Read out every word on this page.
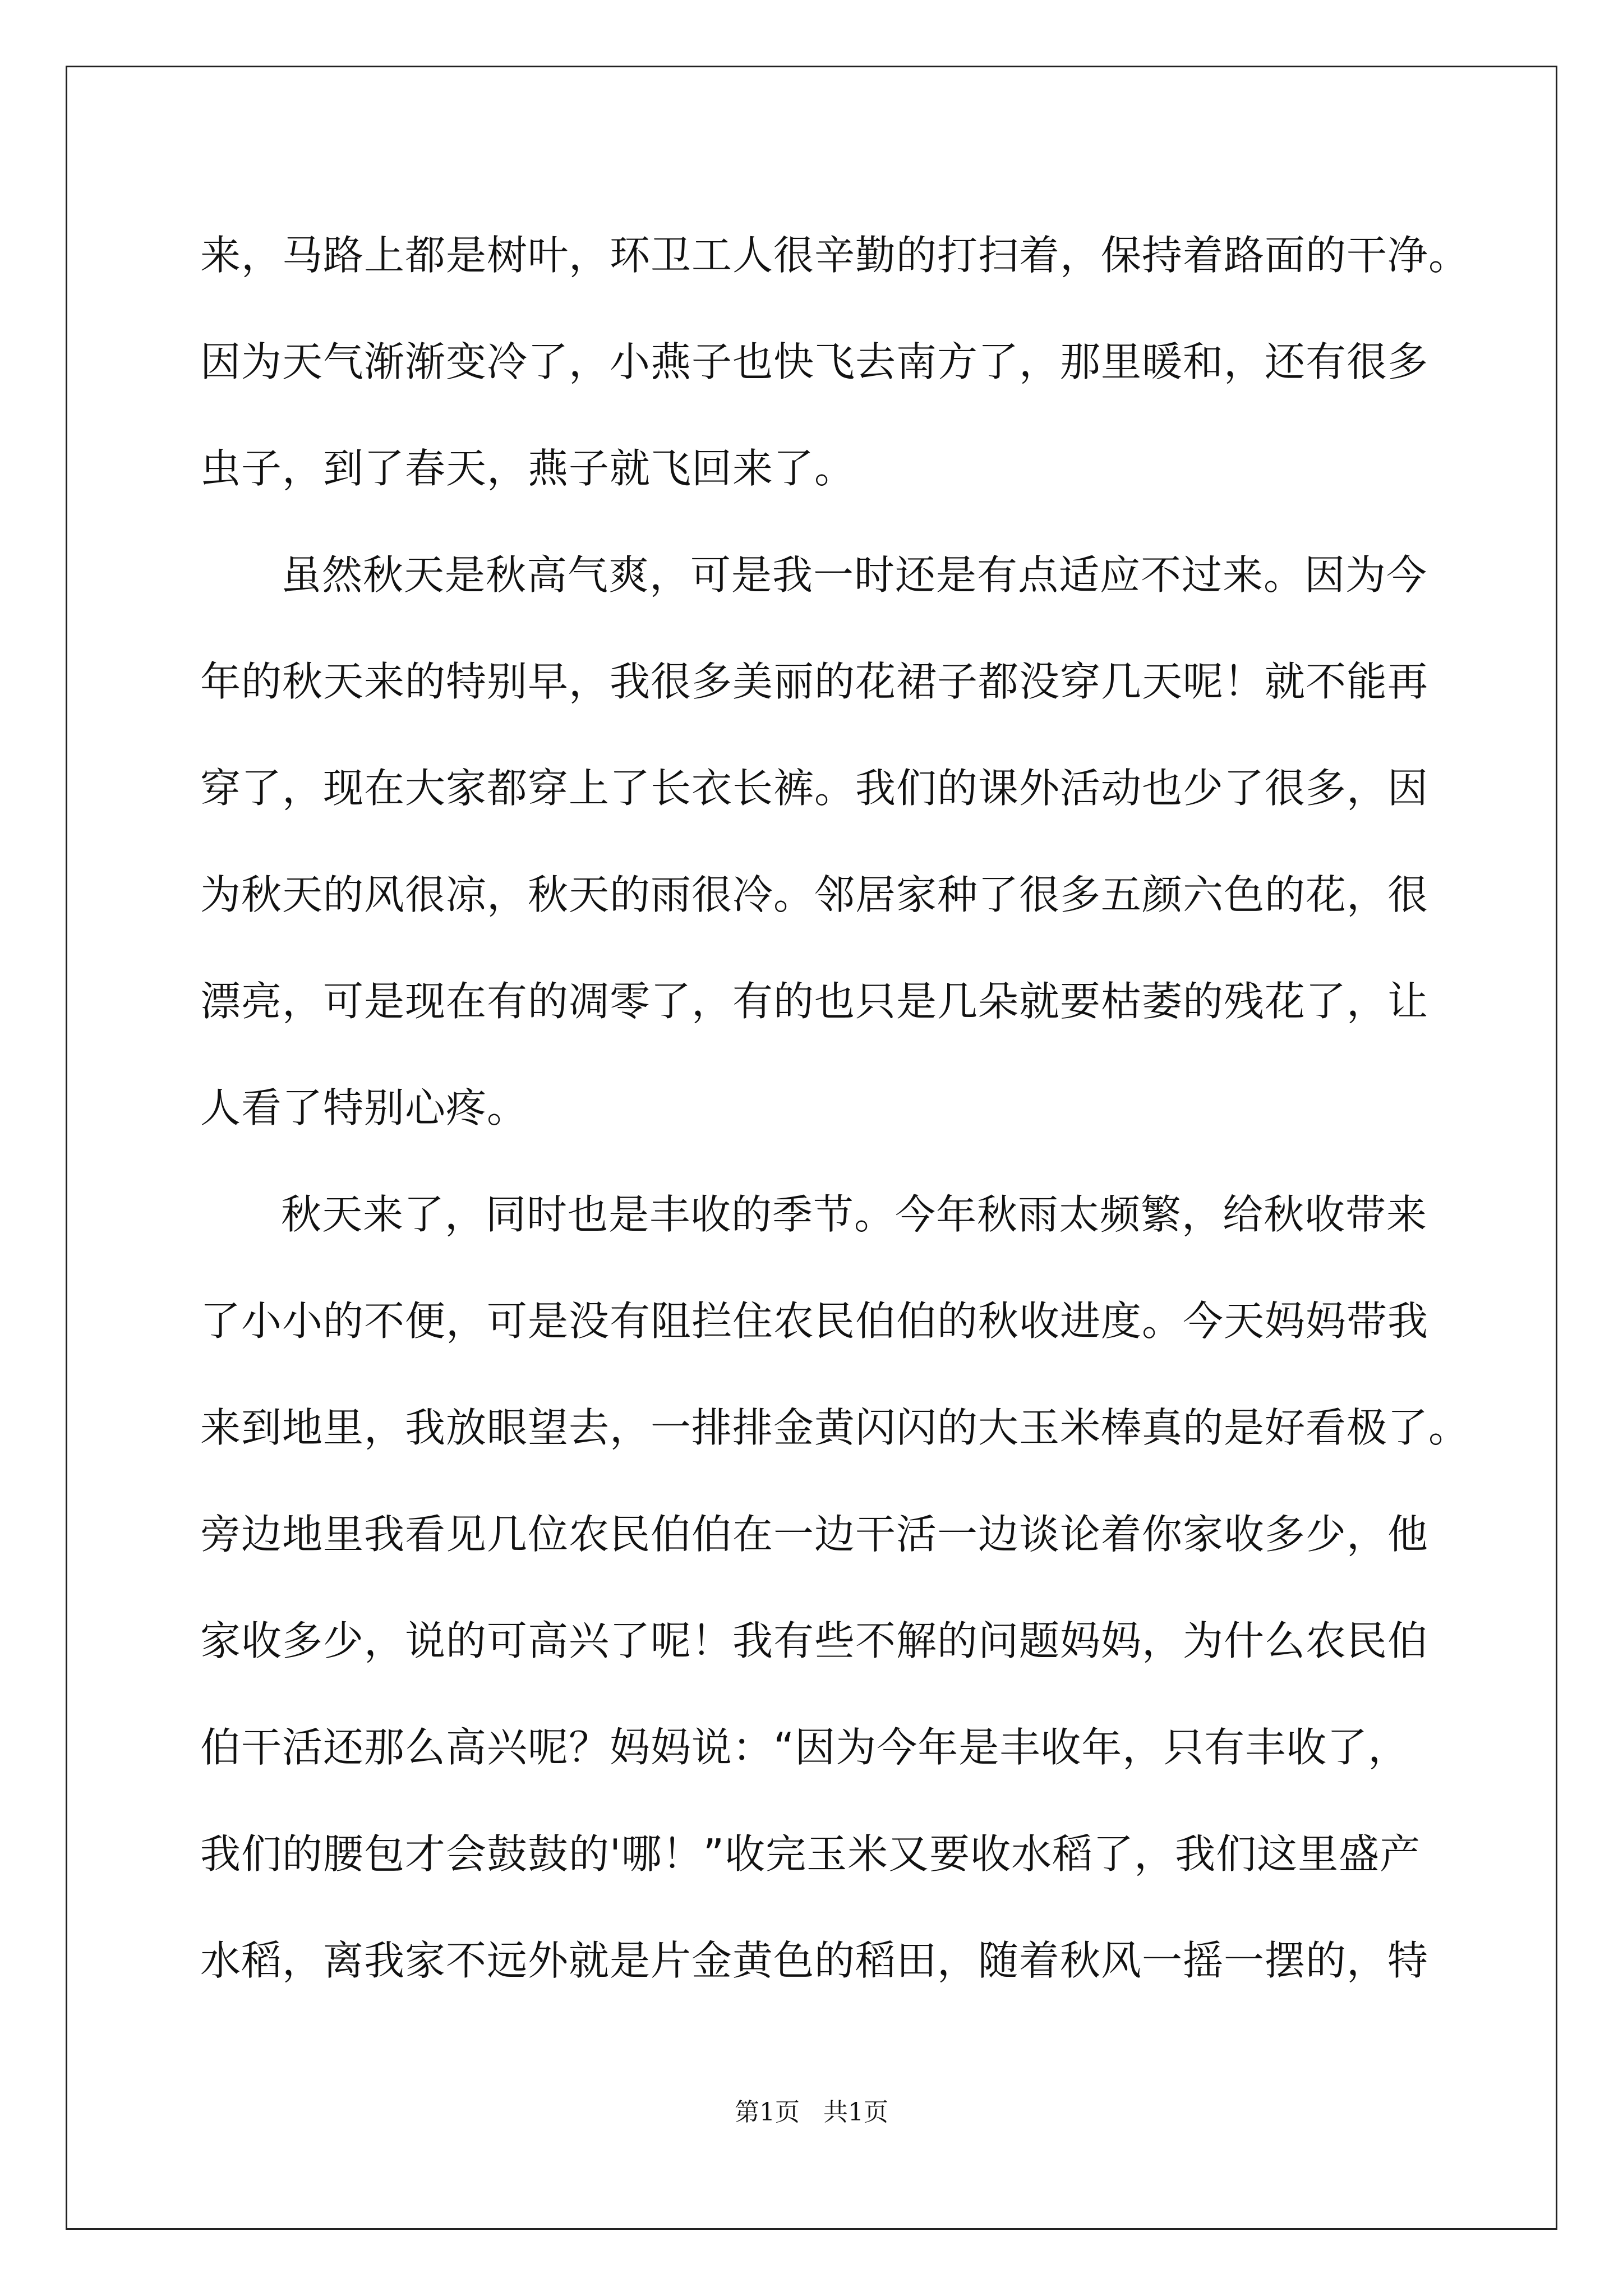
来，马路上都是树叶，环卫工人很辛勤的打扫着，保持着路面的干净。
因为天气渐渐变冷了，小燕子也快飞去南方了，那里暖和，还有很多
虫子，到了春天，燕子就飞回来了。
虽然秋天是秋高气爽，可是我一时还是有点适应不过来。因为今
年的秋天来的特别早，我很多美丽的花裙子都没穿几天呢！就不能再
穿了，现在大家都穿上了长衣长裤。我们的课外活动也少了很多，因
为秋天的风很凉，秋天的雨很冷。邻居家种了很多五颜六色的花，很
漂亮，可是现在有的凋零了，有的也只是几朵就要枯萎的残花了，让
人看了特别心疼。
秋天来了，同时也是丰收的季节。今年秋雨太频繁，给秋收带来
了小小的不便，可是没有阻拦住农民伯伯的秋收进度。今天妈妈带我
来到地里，我放眼望去，一排排金黄闪闪的大玉米棒真的是好看极了。
旁边地里我看见几位农民伯伯在一边干活一边谈论着你家收多少，他
家收多少，说的可高兴了呢！我有些不解的问题妈妈，为什么农民伯
伯干活还那么高兴呢？妈妈说：“因为今年是丰收年，只有丰收了，
我们的腰包才会鼓鼓的'哪！”收完玉米又要收水稻了，我们这里盛产
水稻，离我家不远外就是片金黄色的稻田，随着秋风一摇一摆的，特
第1页   共1页
